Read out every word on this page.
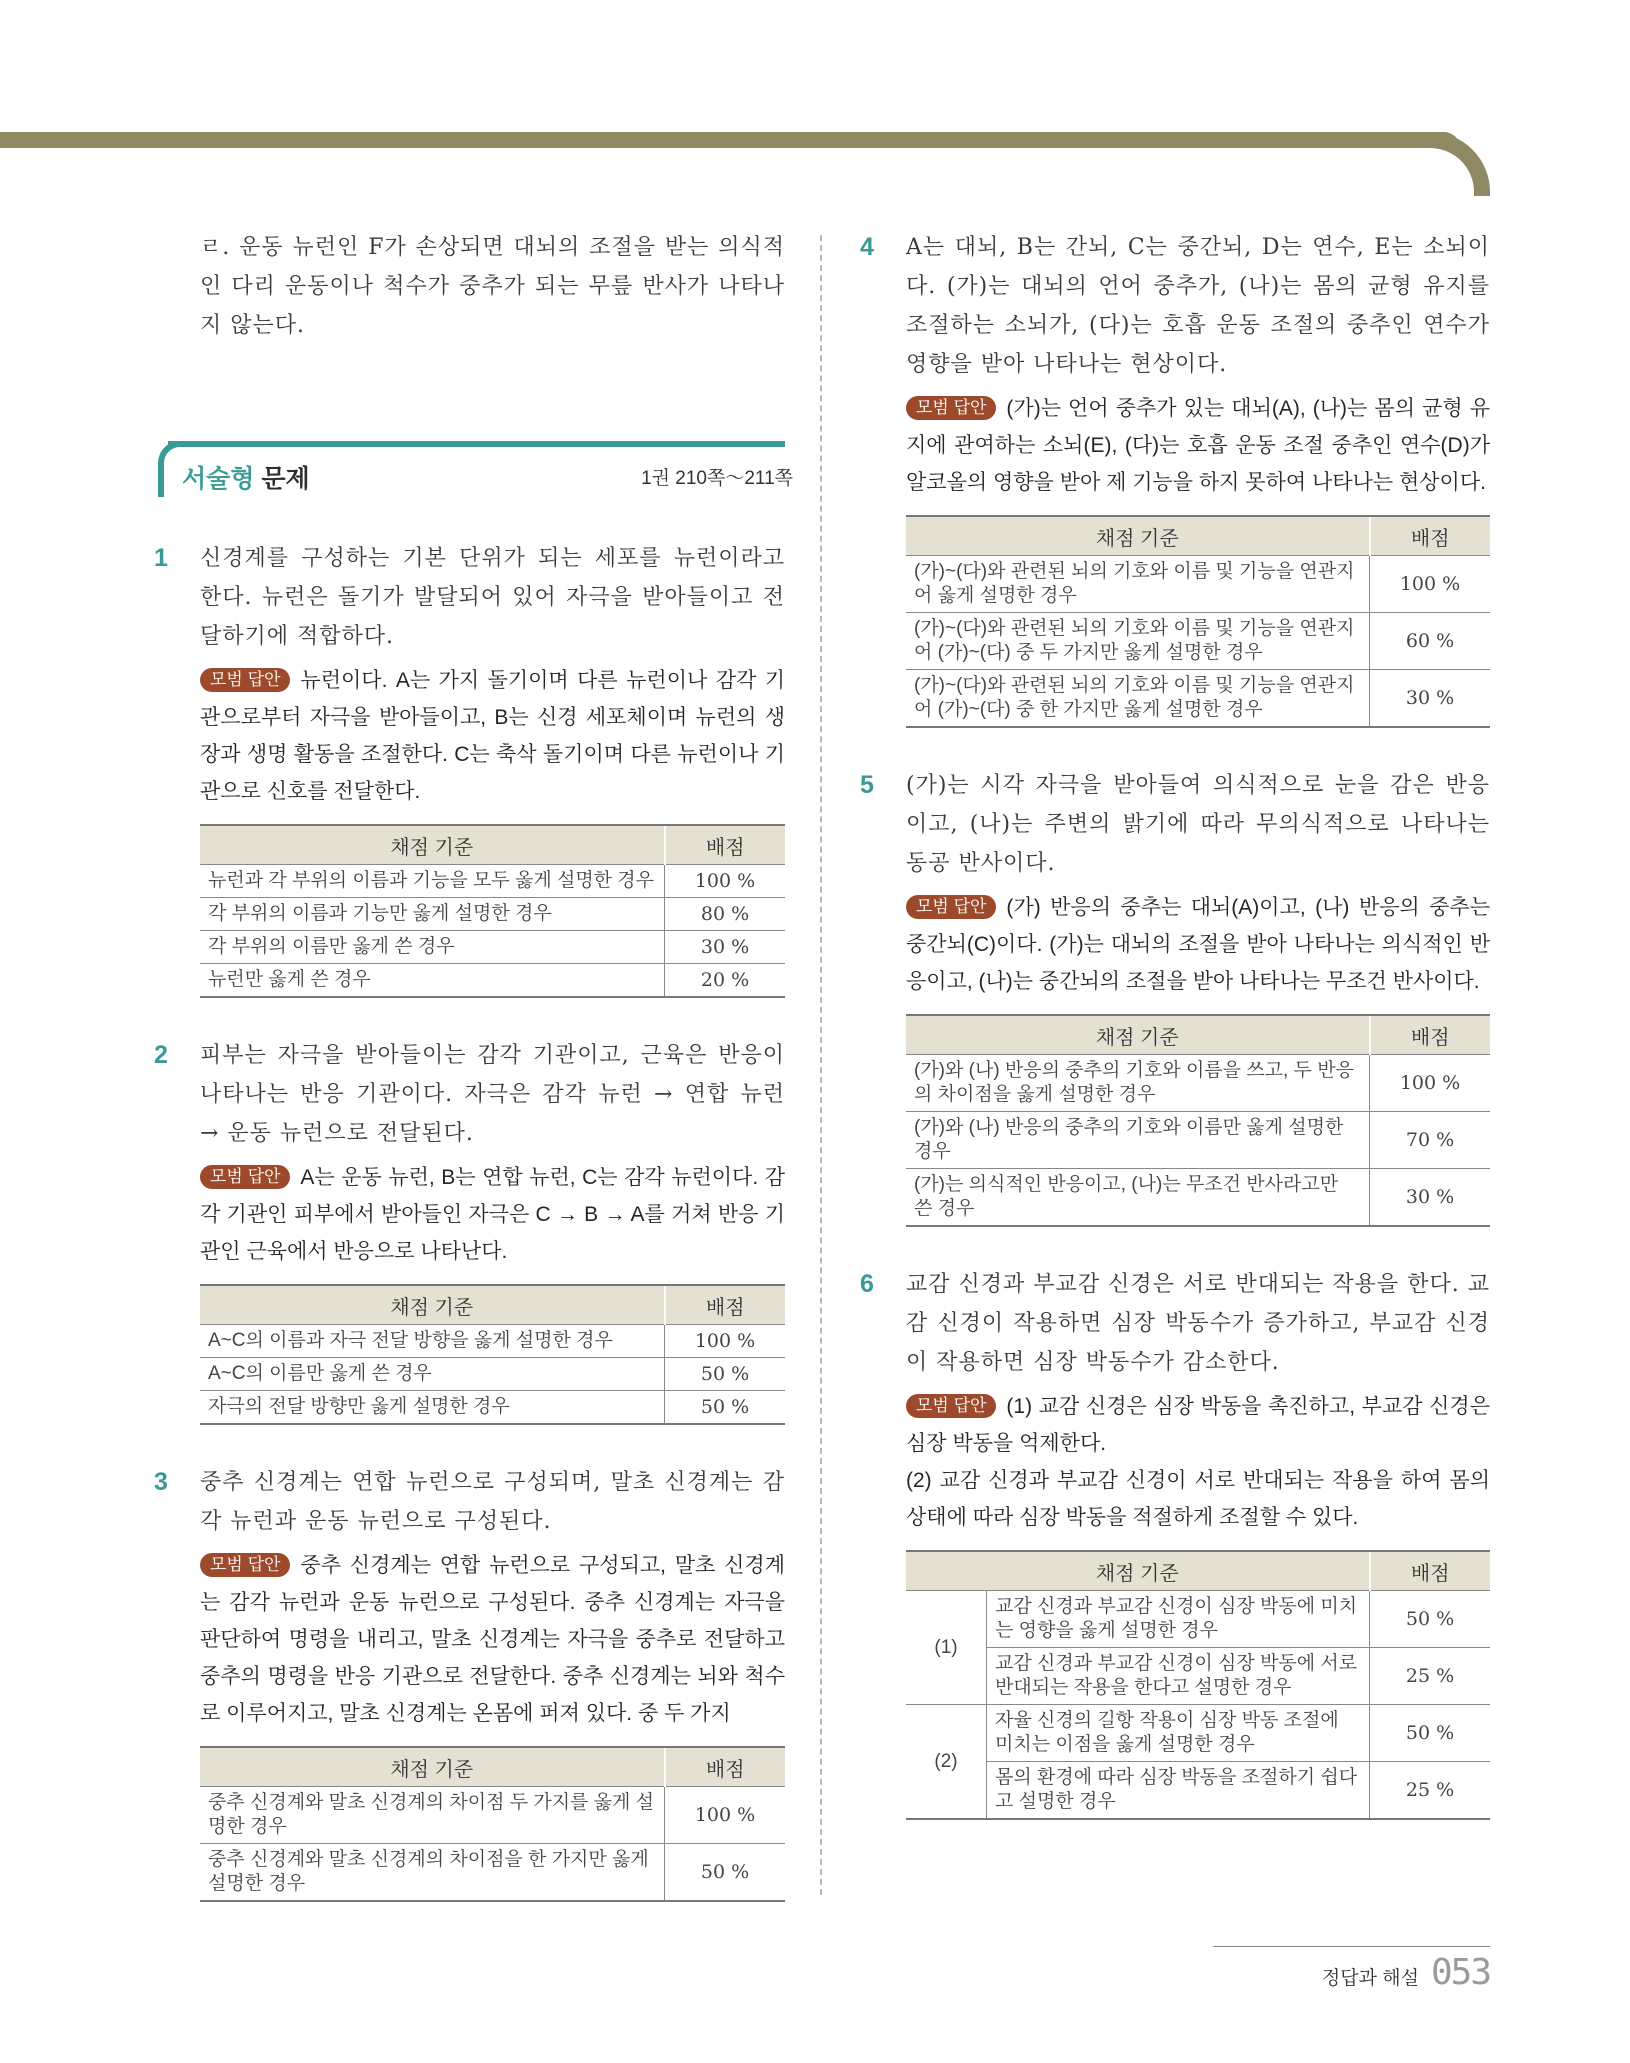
ㄹ. 운동 뉴런인 F가 손상되면 대뇌의 조절을 받는 의식적인 다리 운동이나 척수가 중추가 되는 무릎 반사가 나타나지 않는다.
서술형 문제	1권 210쪽～211쪽
1 신경계를 구성하는 기본 단위가 되는 세포를 뉴런이라고 한다. 뉴런은 돌기가 발달되어 있어 자극을 받아들이고 전달하기에 적합하다.
모범 답안 뉴런이다. A는 가지 돌기이며 다른 뉴런이나 감각 기관으로부터 자극을 받아들이고, B는 신경 세포체이며 뉴런의 생장과 생명 활동을 조절한다. C는 축삭 돌기이며 다른 뉴런이나 기관으로 신호를 전달한다.
채점 기준	배점
뉴런과 각 부위의 이름과 기능을 모두 옳게 설명한 경우	100 %
각 부위의 이름과 기능만 옳게 설명한 경우	80 %
각 부위의 이름만 옳게 쓴 경우	30 %
뉴런만 옳게 쓴 경우	20 %
2 피부는 자극을 받아들이는 감각 기관이고, 근육은 반응이 나타나는 반응 기관이다. 자극은 감각 뉴런 → 연합 뉴런 → 운동 뉴런으로 전달된다.
모범 답안 A는 운동 뉴런, B는 연합 뉴런, C는 감각 뉴런이다. 감각 기관인 피부에서 받아들인 자극은 C → B → A를 거쳐 반응 기관인 근육에서 반응으로 나타난다.
채점 기준	배점
A~C의 이름과 자극 전달 방향을 옳게 설명한 경우	100 %
A~C의 이름만 옳게 쓴 경우	50 %
자극의 전달 방향만 옳게 설명한 경우	50 %
3 중추 신경계는 연합 뉴런으로 구성되며, 말초 신경계는 감각 뉴런과 운동 뉴런으로 구성된다.
모범 답안 중추 신경계는 연합 뉴런으로 구성되고, 말초 신경계는 감각 뉴런과 운동 뉴런으로 구성된다. 중추 신경계는 자극을 판단하여 명령을 내리고, 말초 신경계는 자극을 중추로 전달하고 중추의 명령을 반응 기관으로 전달한다. 중추 신경계는 뇌와 척수로 이루어지고, 말초 신경계는 온몸에 퍼져 있다. 중 두 가지
채점 기준	배점
중추 신경계와 말초 신경계의 차이점 두 가지를 옳게 설명한 경우	100 %
중추 신경계와 말초 신경계의 차이점을 한 가지만 옳게 설명한 경우	50 %
4 A는 대뇌, B는 간뇌, C는 중간뇌, D는 연수, E는 소뇌이다. (가)는 대뇌의 언어 중추가, (나)는 몸의 균형 유지를 조절하는 소뇌가, (다)는 호흡 운동 조절의 중추인 연수가 영향을 받아 나타나는 현상이다.
모범 답안 (가)는 언어 중추가 있는 대뇌(A), (나)는 몸의 균형 유지에 관여하는 소뇌(E), (다)는 호흡 운동 조절 중추인 연수(D)가 알코올의 영향을 받아 제 기능을 하지 못하여 나타나는 현상이다.
채점 기준	배점
(가)~(다)와 관련된 뇌의 기호와 이름 및 기능을 연관지어 옳게 설명한 경우	100 %
(가)~(다)와 관련된 뇌의 기호와 이름 및 기능을 연관지어 (가)~(다) 중 두 가지만 옳게 설명한 경우	60 %
(가)~(다)와 관련된 뇌의 기호와 이름 및 기능을 연관지어 (가)~(다) 중 한 가지만 옳게 설명한 경우	30 %
5 (가)는 시각 자극을 받아들여 의식적으로 눈을 감은 반응이고, (나)는 주변의 밝기에 따라 무의식적으로 나타나는 동공 반사이다.
모범 답안 (가) 반응의 중추는 대뇌(A)이고, (나) 반응의 중추는 중간뇌(C)이다. (가)는 대뇌의 조절을 받아 나타나는 의식적인 반응이고, (나)는 중간뇌의 조절을 받아 나타나는 무조건 반사이다.
채점 기준	배점
(가)와 (나) 반응의 중추의 기호와 이름을 쓰고, 두 반응의 차이점을 옳게 설명한 경우	100 %
(가)와 (나) 반응의 중추의 기호와 이름만 옳게 설명한 경우	70 %
(가)는 의식적인 반응이고, (나)는 무조건 반사라고만 쓴 경우	30 %
6 교감 신경과 부교감 신경은 서로 반대되는 작용을 한다. 교감 신경이 작용하면 심장 박동수가 증가하고, 부교감 신경이 작용하면 심장 박동수가 감소한다.

모범 답안 (1) 교감 신경은 심장 박동을 촉진하고, 부교감 신경은 심장 박동을 억제한다.

(2) 교감 신경과 부교감 신경이 서로 반대되는 작용을 하여 몸의 상태에 따라 심장 박동을 적절하게 조절할 수 있다.

채점 기준		배점
(1)	교감 신경과 부교감 신경이 심장 박동에 미치는 영향을 옳게 설명한 경우	50 %
	교감 신경과 부교감 신경이 심장 박동에 서로 반대되는 작용을 한다고 설명한 경우	25 %
(2)	자율 신경의 길항 작용이 심장 박동 조절에 미치는 이점을 옳게 설명한 경우	50 %
	몸의 환경에 따라 심장 박동을 조절하기 쉽다고 설명한 경우	25 %
정답과 해설 053
